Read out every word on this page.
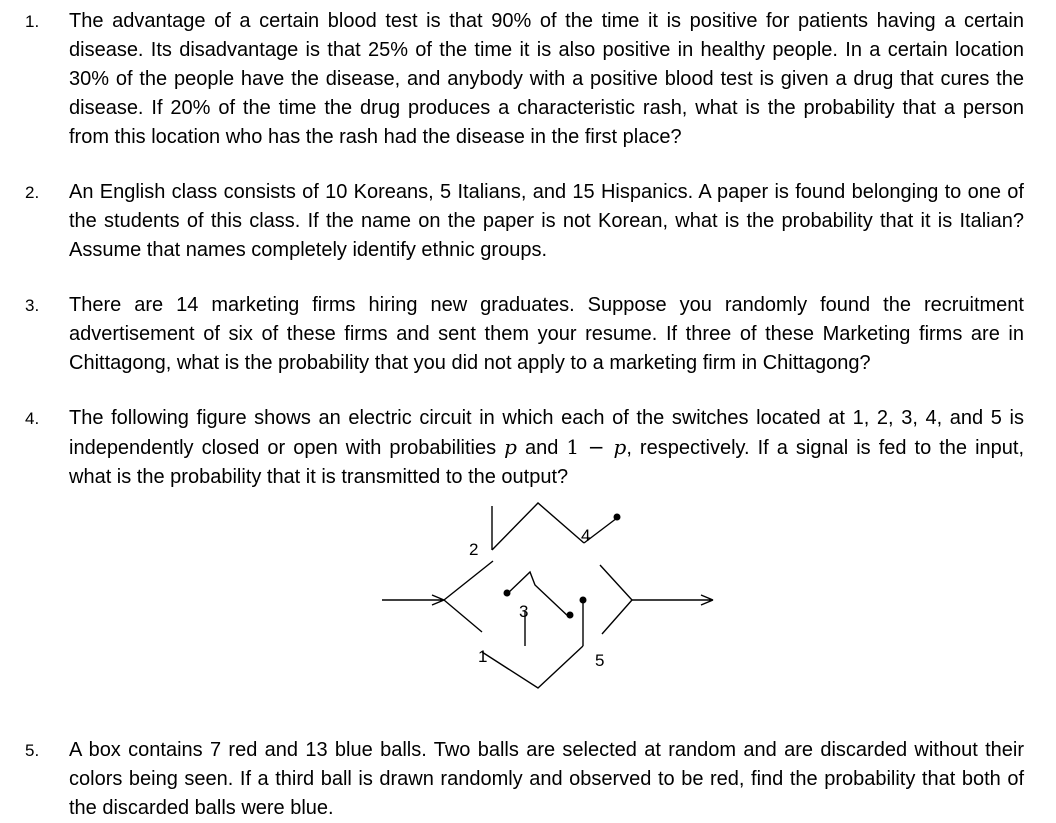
1. The advantage of a certain blood test is that 90% of the time it is positive for patients having a certain disease. Its disadvantage is that 25% of the time it is also positive in healthy people. In a certain location 30% of the people have the disease, and anybody with a positive blood test is given a drug that cures the disease. If 20% of the time the drug produces a characteristic rash, what is the probability that a person from this location who has the rash had the disease in the first place?
2. An English class consists of 10 Koreans, 5 Italians, and 15 Hispanics. A paper is found belonging to one of the students of this class. If the name on the paper is not Korean, what is the probability that it is Italian? Assume that names completely identify ethnic groups.
3. There are 14 marketing firms hiring new graduates. Suppose you randomly found the recruitment advertisement of six of these firms and sent them your resume. If three of these Marketing firms are in Chittagong, what is the probability that you did not apply to a marketing firm in Chittagong?
4. The following figure shows an electric circuit in which each of the switches located at 1, 2, 3, 4, and 5 is independently closed or open with probabilities p and 1 − p, respectively. If a signal is fed to the input, what is the probability that it is transmitted to the output?
2
4
3
1	5
5. A box contains 7 red and 13 blue balls. Two balls are selected at random and are discarded without their colors being seen. If a third ball is drawn randomly and observed to be red, find the probability that both of the discarded balls were blue.
